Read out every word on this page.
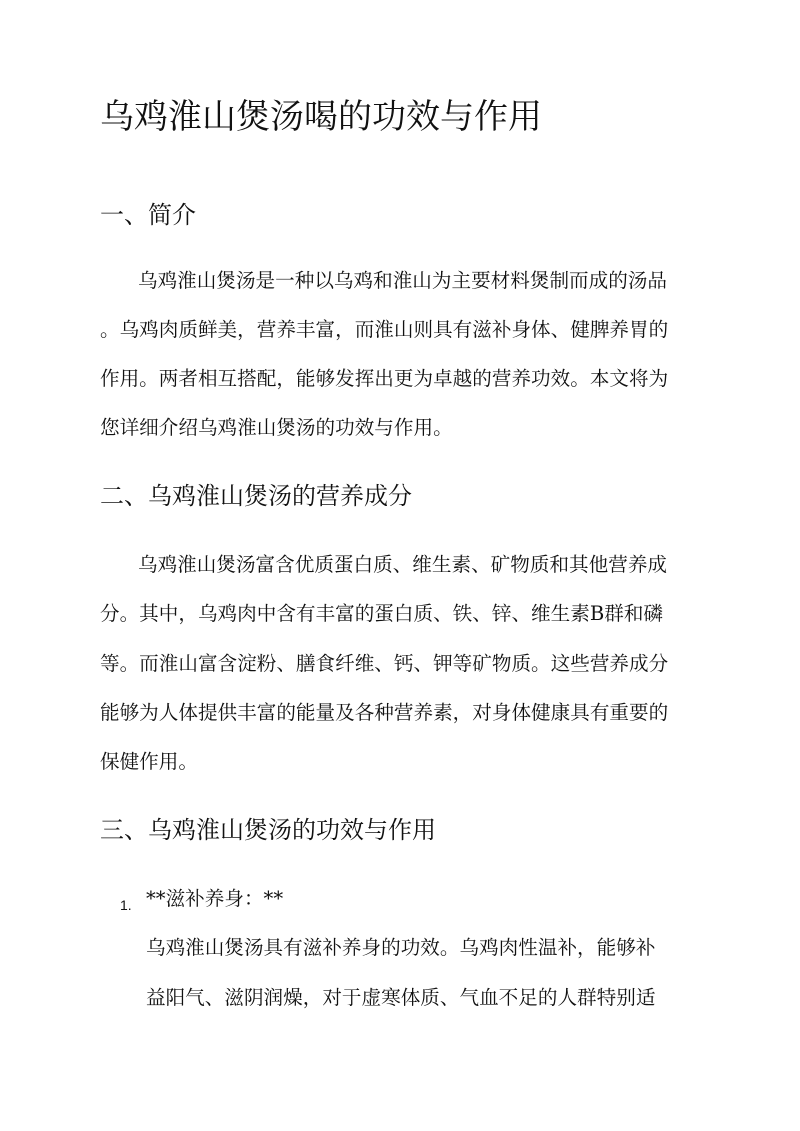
乌鸡淮山煲汤喝的功效与作用
一、简介
乌鸡淮山煲汤是一种以乌鸡和淮山为主要材料煲制而成的汤品
。乌鸡肉质鲜美，营养丰富，而淮山则具有滋补身体、健脾养胃的
作用。两者相互搭配，能够发挥出更为卓越的营养功效。本文将为
您详细介绍乌鸡淮山煲汤的功效与作用。
二、乌鸡淮山煲汤的营养成分
乌鸡淮山煲汤富含优质蛋白质、维生素、矿物质和其他营养成
分。其中，乌鸡肉中含有丰富的蛋白质、铁、锌、维生素B群和磷
等。而淮山富含淀粉、膳食纤维、钙、钾等矿物质。这些营养成分
能够为人体提供丰富的能量及各种营养素，对身体健康具有重要的
保健作用。
三、乌鸡淮山煲汤的功效与作用
1. **滋补养身：**
乌鸡淮山煲汤具有滋补养身的功效。乌鸡肉性温补，能够补
益阳气、滋阴润燥，对于虚寒体质、气血不足的人群特别适
